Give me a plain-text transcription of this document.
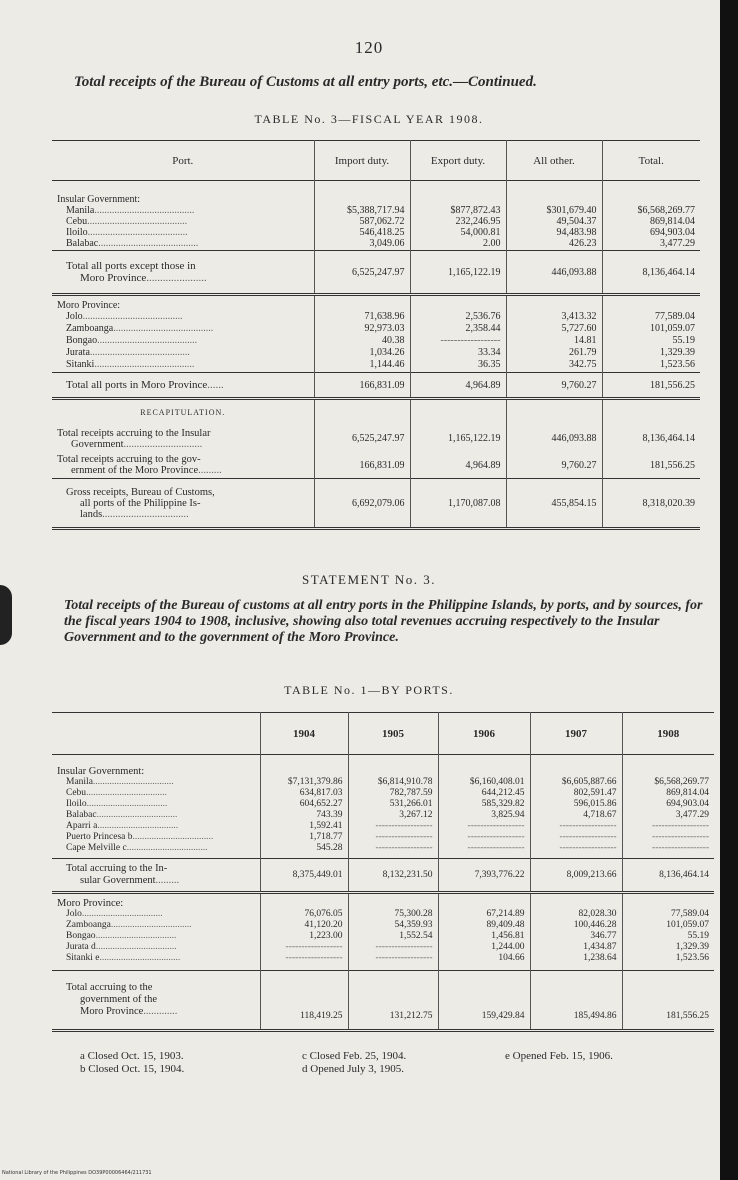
120
Total receipts of the Bureau of Customs at all entry ports, etc.—Continued.
TABLE No. 3—FISCAL YEAR 1908.
Port.	Import duty.	Export duty.	All other.	Total.
Insular Government:				
Manila........................................	$5,388,717.94	$877,872.43	$301,679.40	$6,568,269.77
Cebu........................................	587,062.72	232,246.95	49,504.37	869,814.04
Iloilo........................................	546,418.25	54,000.81	94,483.98	694,903.04
Balabac........................................	3,049.06	2.00	426.23	3,477.29

Total all ports except those in
Moro Province......................	6,525,247.97	1,165,122.19	446,093.88	8,136,464.14
Moro Province:				
Jolo........................................	71,638.96	2,536.76	3,413.32	77,589.04
Zamboanga........................................	92,973.03	2,358.44	5,727.60	101,059.07
Bongao........................................	40.38	------------------	14.81	55.19
Jurata........................................	1,034.26	33.34	261.79	1,329.39
Sitanki........................................	1,144.46	36.35	342.75	1,523.56
Total all ports in Moro Province......	166,831.09	4,964.89	9,760.27	181,556.25
RECAPITULATION.				

Total receipts accruing to the Insular
Government..............................	6,525,247.97	1,165,122.19	446,093.88	8,136,464.14

Total receipts accruing to the gov-
ernment of the Moro Province.........	166,831.09	4,964.89	9,760.27	181,556.25

Gross receipts, Bureau of Customs,
all ports of the Philippine Is-
lands.................................	6,692,079.06	1,170,087.08	455,854.15	8,318,020.39
STATEMENT No. 3.
Total receipts of the Bureau of customs at all entry ports in the Philippine Islands, by ports, and by sources, for the fiscal years 1904 to 1908, inclusive, showing also total revenues accruing respectively to the Insular Government and to the government of the Moro Province.
TABLE No. 1—BY PORTS.
	1904	1905	1906	1907	1908
Insular Government:					
Manila..................................	$7,131,379.86	$6,814,910.78	$6,160,408.01	$6,605,887.66	$6,568,269.77
Cebu..................................	634,817.03	782,787.59	644,212.45	802,591.47	869,814.04
Iloilo..................................	604,652.27	531,266.01	585,329.82	596,015.86	694,903.04
Balabac..................................	743.39	3,267.12	3,825.94	4,718.67	3,477.29
Aparri a..................................	1,592.41	------------------	------------------	------------------	------------------
Puerto Princesa b..................................	1,718.77	------------------	------------------	------------------	------------------
Cape Melville c..................................	545.28	------------------	------------------	------------------	------------------

Total accruing to the In-
sular Government.........	8,375,449.01	8,132,231.50	7,393,776.22	8,009,213.66	8,136,464.14
Moro Province:					
Jolo..................................	76,076.05	75,300.28	67,214.89	82,028.30	77,589.04
Zamboanga..................................	41,120.20	54,359.93	89,409.48	100,446.28	101,059.07
Bongao..................................	1,223.00	1,552.54	1,456.81	346.77	55.19
Jurata d..................................	------------------	------------------	1,244.00	1,434.87	1,329.39
Sitanki e..................................	------------------	------------------	104.66	1,238.64	1,523.56

Total accruing to the
government of the
Moro Province.............	118,419.25	131,212.75	159,429.84	185,494.86	181,556.25
a Closed Oct. 15, 1903.
b Closed Oct. 15, 1904.
c Closed Feb. 25, 1904.
d Opened July 3, 1905.
e Opened Feb. 15, 1906.
National Library of the Philippines DO39P00006464/211731
